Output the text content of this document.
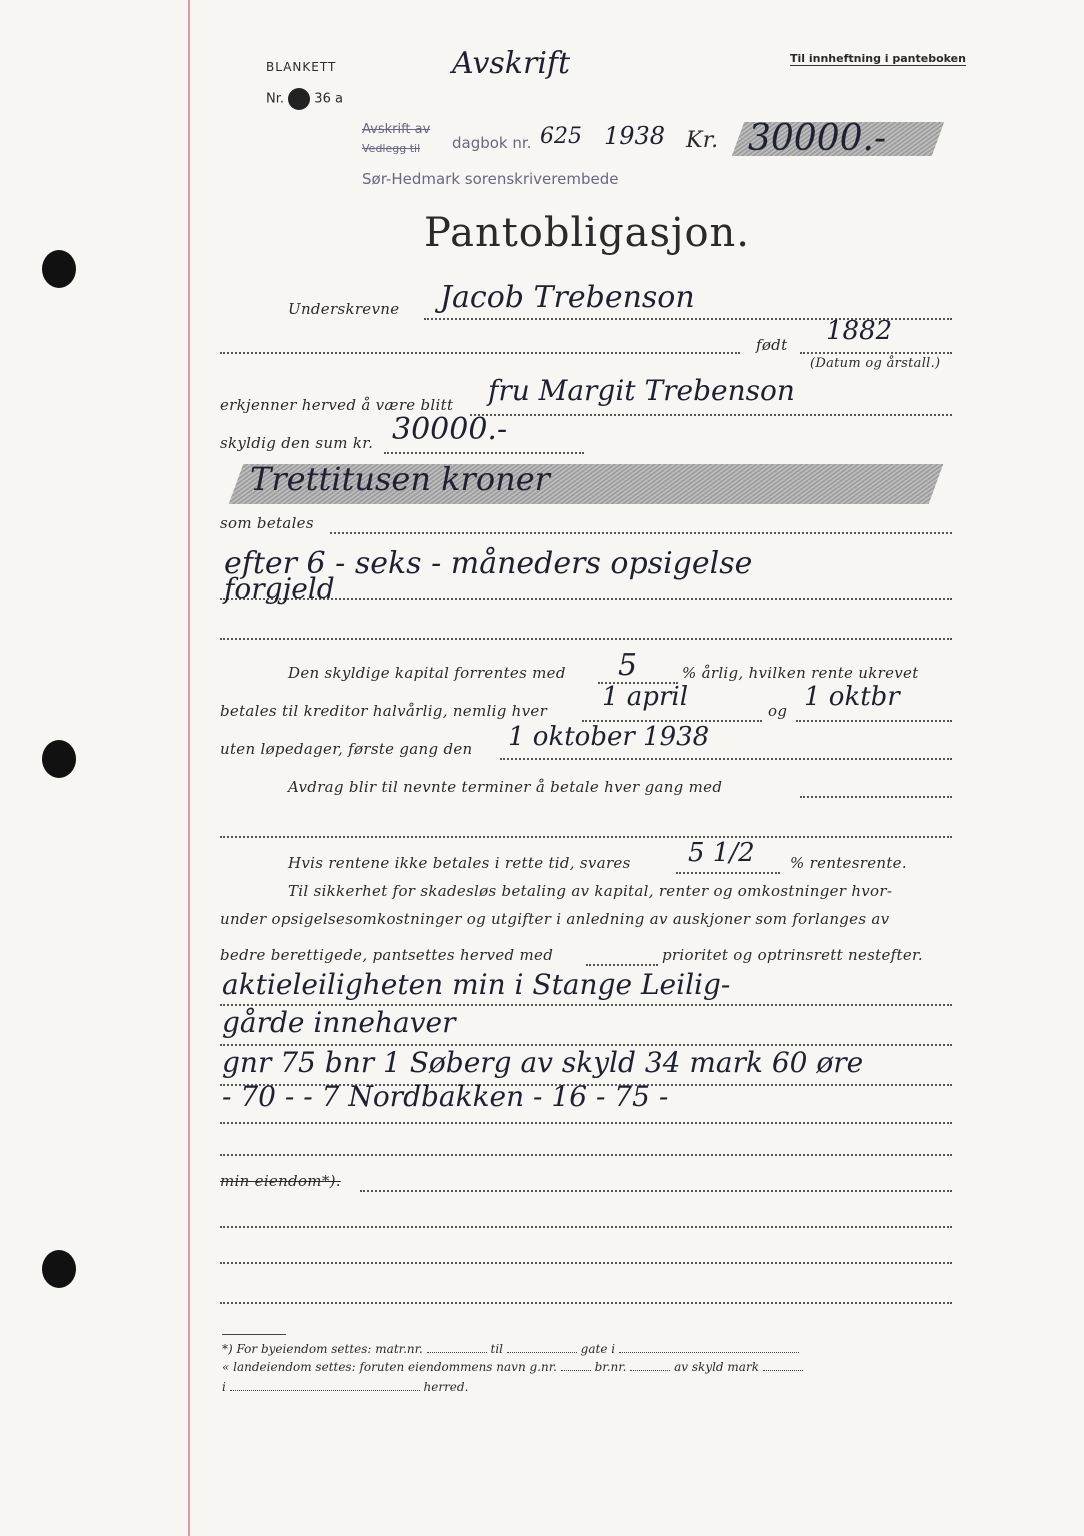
BLANKETT
Nr. 36 a
Til innheftning i panteboken
Avskrift
Avskrift av
Vedlegg til dagbok nr. 625 1938 Kr. 30000.-
Sør-Hedmark sorenskriverembede
Pantobligasjon.
Underskrevne Jacob Trebenson
født 1882
(Datum og årstall.)
erkjenner herved å være blitt fru Margit Trebenson
skyldig den sum kr. 30000.-
Trettitusen kroner
som betales
efter 6 - seks - måneders opsigelse
forgjeld
Den skyldige kapital forrentes med 5	% årlig, hvilken rente ukrevet
betales til kreditor halvårlig, nemlig hver 1 april	og 1 oktbr
uten løpedager, første gang den 1 oktober 1938
Avdrag blir til nevnte terminer å betale hver gang med
Hvis rentene ikke betales i rette tid, svares 5 1/2 % rentesrente.
Til sikkerhet for skadesløs betaling av kapital, renter og omkostninger hvor-
under opsigelsesomkostninger og utgifter i anledning av auskjoner som forlanges av
bedre berettigede, pantsettes herved med	prioritet og optrinsrett nestefter.
aktieleiligheten min i Stange Leilig-
gårde innehaver
gnr 75 bnr 1 Søberg av skyld 34 mark 60 øre
- 70 - - 7 Nordbakken - 16 - 75 -
min eiendom*).
*) For byeiendom settes: matr.nr.	til	gate i
« landeiendom settes: foruten eiendommens navn g.nr.	br.nr.	av skyld mark
i	herred.
